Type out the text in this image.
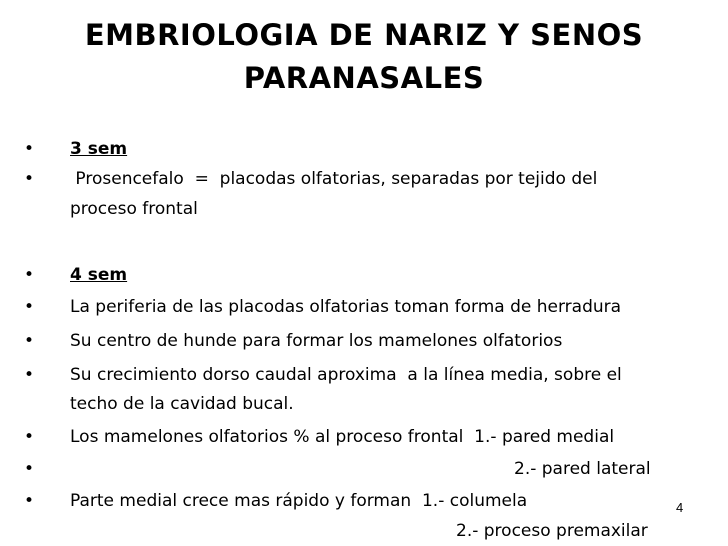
EMBRIOLOGIA DE NARIZ Y SENOS
PARANASALES
• 3 sem
• Prosencefalo  =  placodas olfatorias, separadas por tejido del
proceso frontal
• 4 sem
• La periferia de las placodas olfatorias toman forma de herradura
• Su centro de hunde para formar los mamelones olfatorios
• Su crecimiento dorso caudal aproxima  a la línea media, sobre el
techo de la cavidad bucal.
• Los mamelones olfatorios % al proceso frontal  1.- pared medial
•	2.- pared lateral
• Parte medial crece mas rápido y forman  1.- columela
2.- proceso premaxilar
4
